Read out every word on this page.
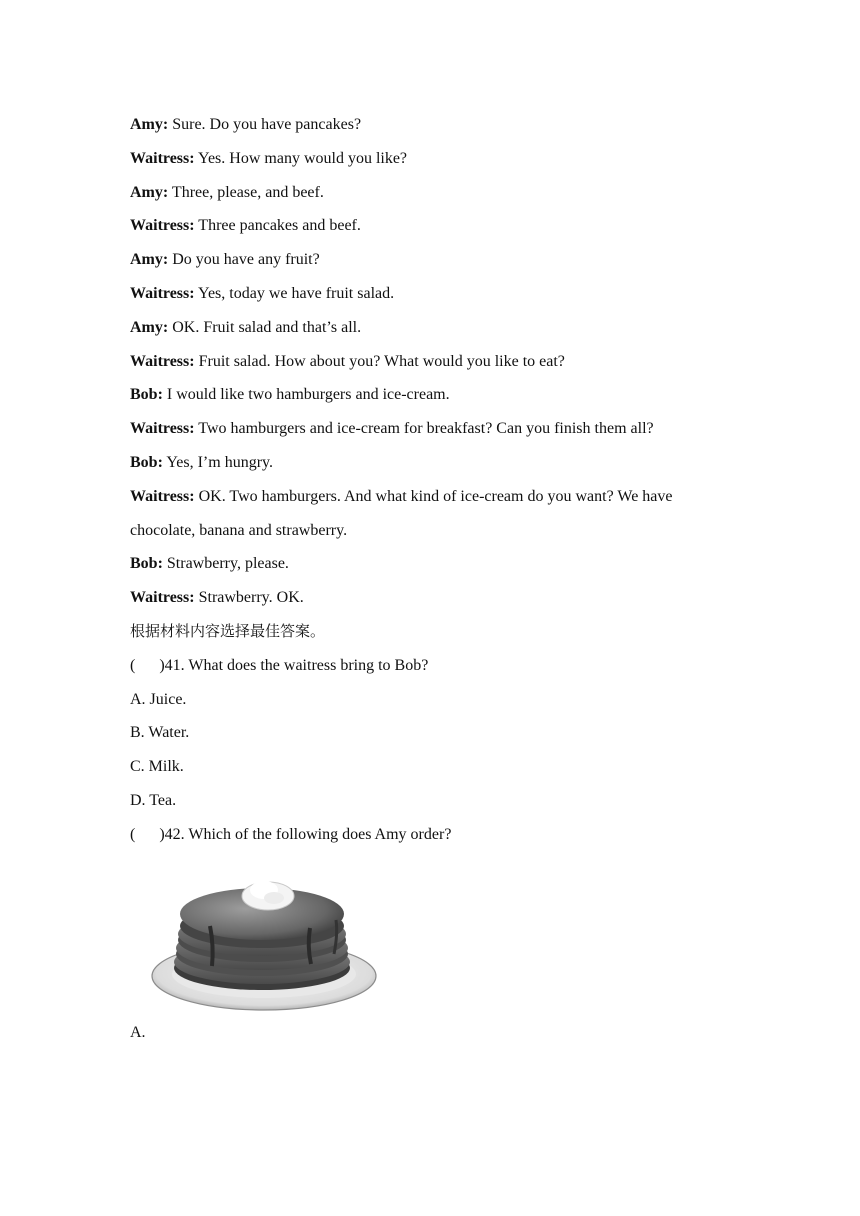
Amy: Sure. Do you have pancakes?
Waitress: Yes. How many would you like?
Amy: Three, please, and beef.
Waitress: Three pancakes and beef.
Amy: Do you have any fruit?
Waitress: Yes, today we have fruit salad.
Amy: OK. Fruit salad and that’s all.
Waitress: Fruit salad. How about you? What would you like to eat?
Bob: I would like two hamburgers and ice-cream.
Waitress: Two hamburgers and ice-cream for breakfast? Can you finish them all?
Bob: Yes, I’m hungry.
Waitress: OK. Two hamburgers. And what kind of ice-cream do you want? We have
chocolate, banana and strawberry.
Bob: Strawberry, please.
Waitress: Strawberry. OK.
根据材料内容选择最佳答案。
( )41. What does the waitress bring to Bob?
A. Juice.
B. Water.
C. Milk.
D. Tea.
( )42. Which of the following does Amy order?
A.
